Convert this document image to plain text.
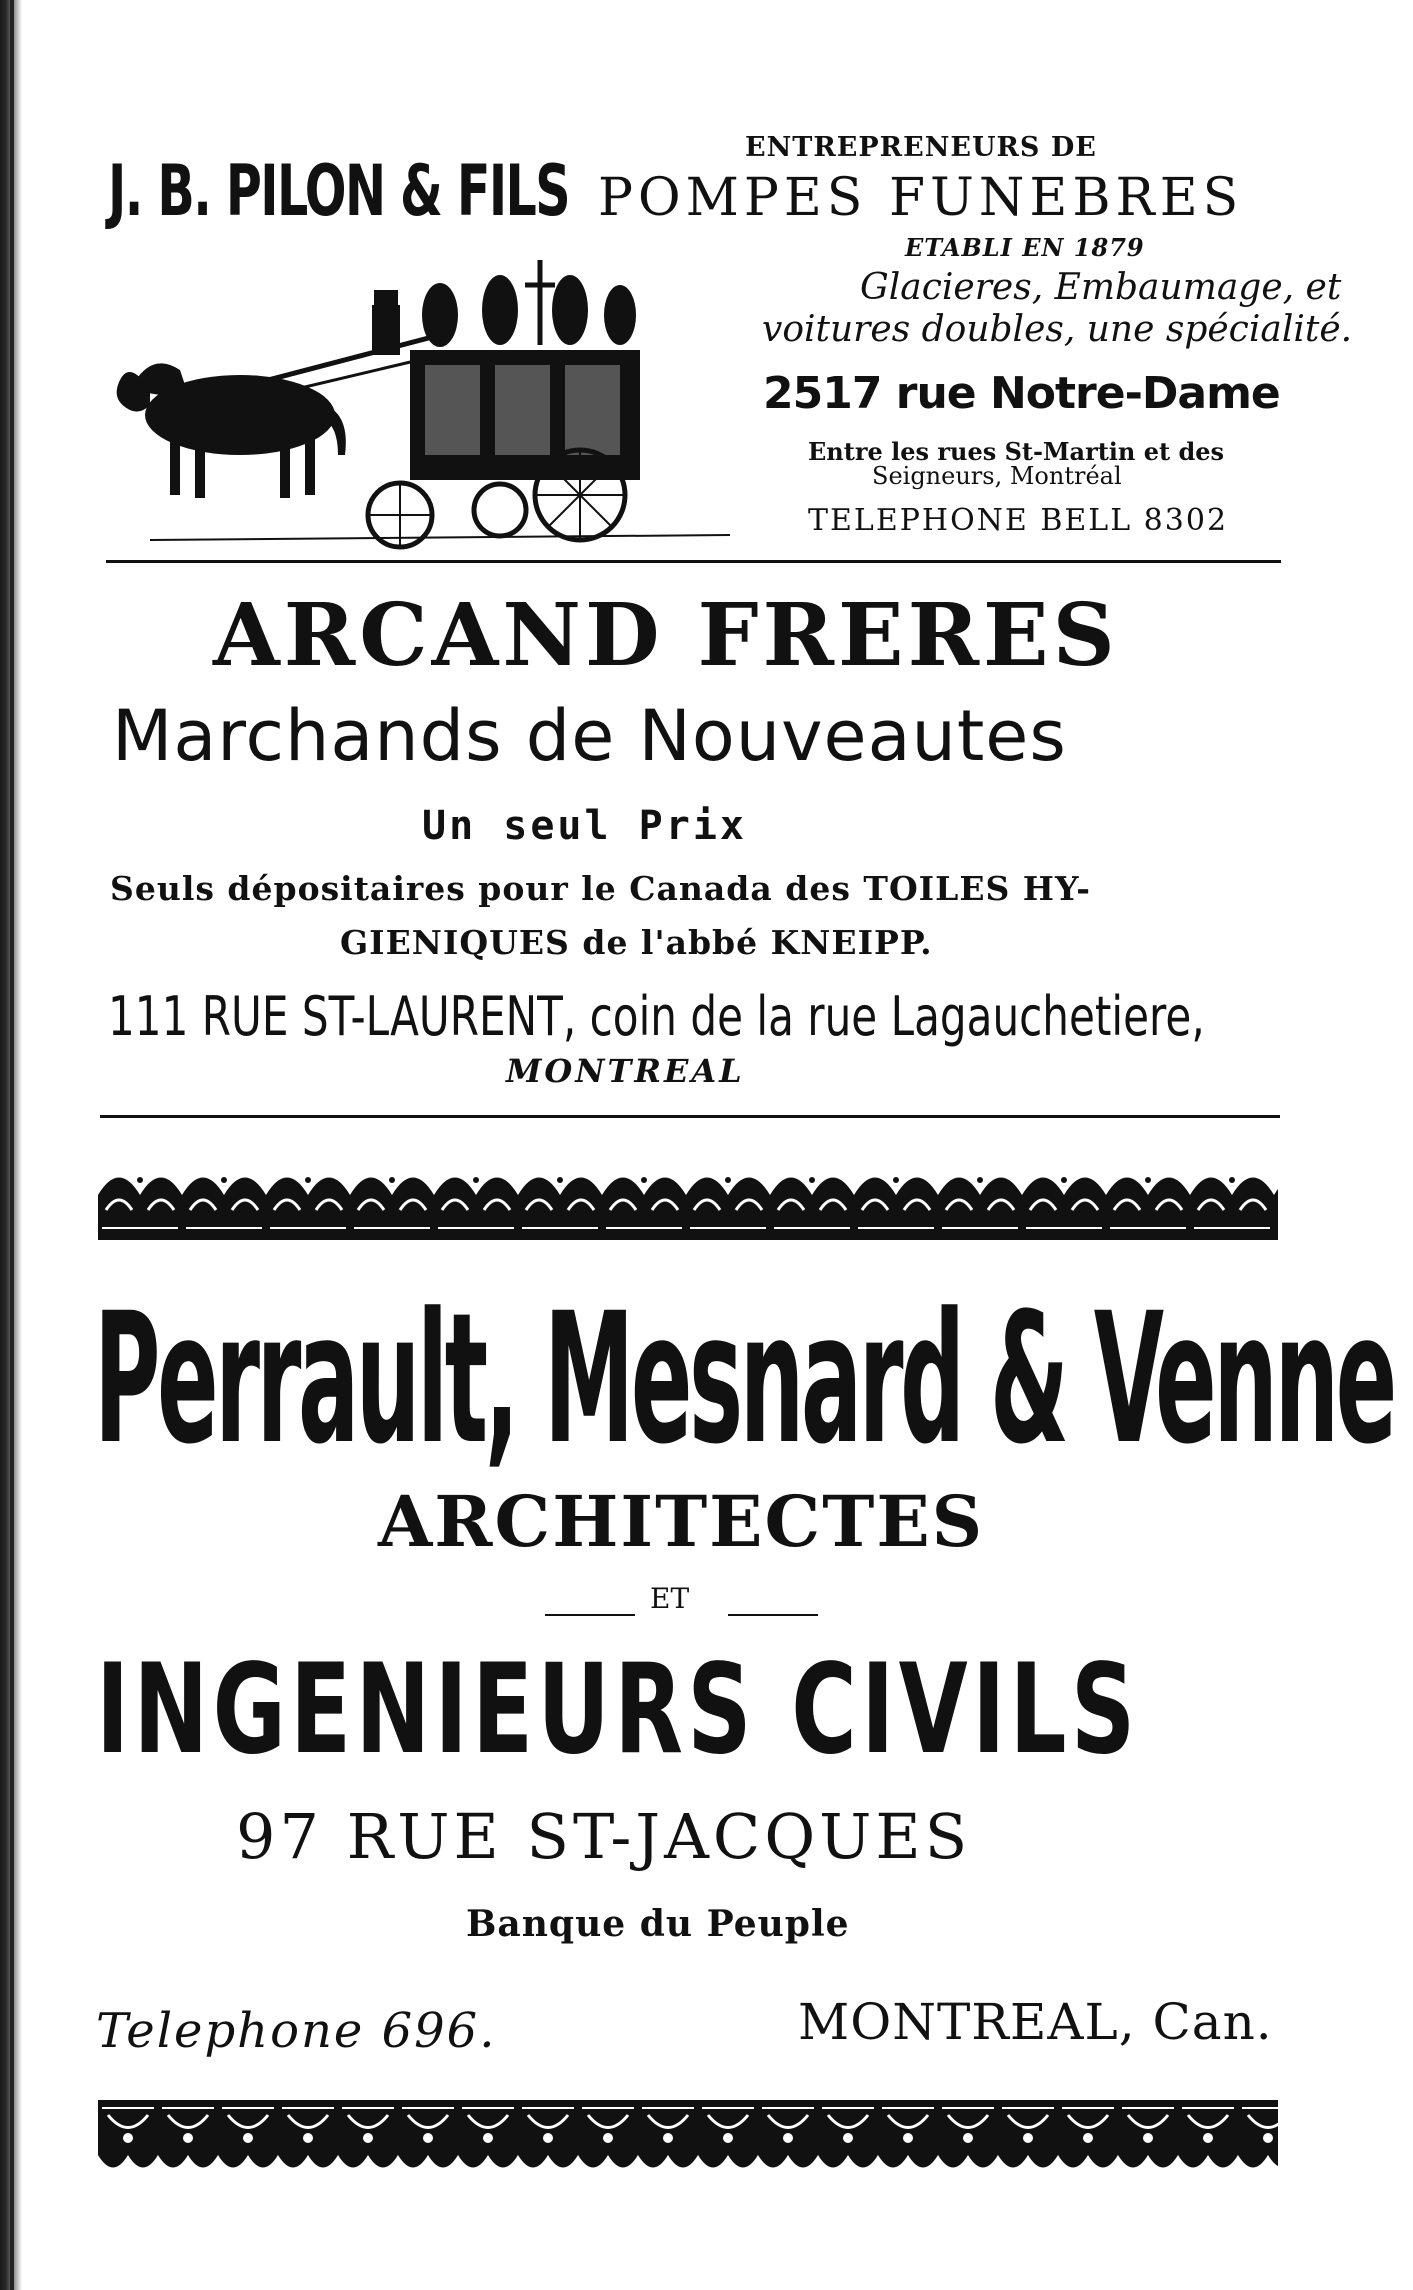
J. B. PILON & FILS
ENTREPRENEURS DE
POMPES FUNEBRES
ETABLI EN 1879
Glacieres, Embaumage, et
voitures doubles, une spécialité.
2517 rue Notre-Dame
Entre les rues St-Martin et des
Seigneurs, Montréal
TELEPHONE BELL 8302
ARCAND FRERES
Marchands de Nouveautes
Un seul Prix
Seuls dépositaires pour le Canada des TOILES HY-
GIENIQUES de l'abbé KNEIPP.
111 RUE ST-LAURENT, coin de la rue Lagauchetiere,
MONTREAL
Perrault, Mesnard & Venne
ARCHITECTES
ET
INGENIEURS CIVILS
97 RUE ST-JACQUES
Banque du Peuple
Telephone 696.	MONTREAL, Can.
